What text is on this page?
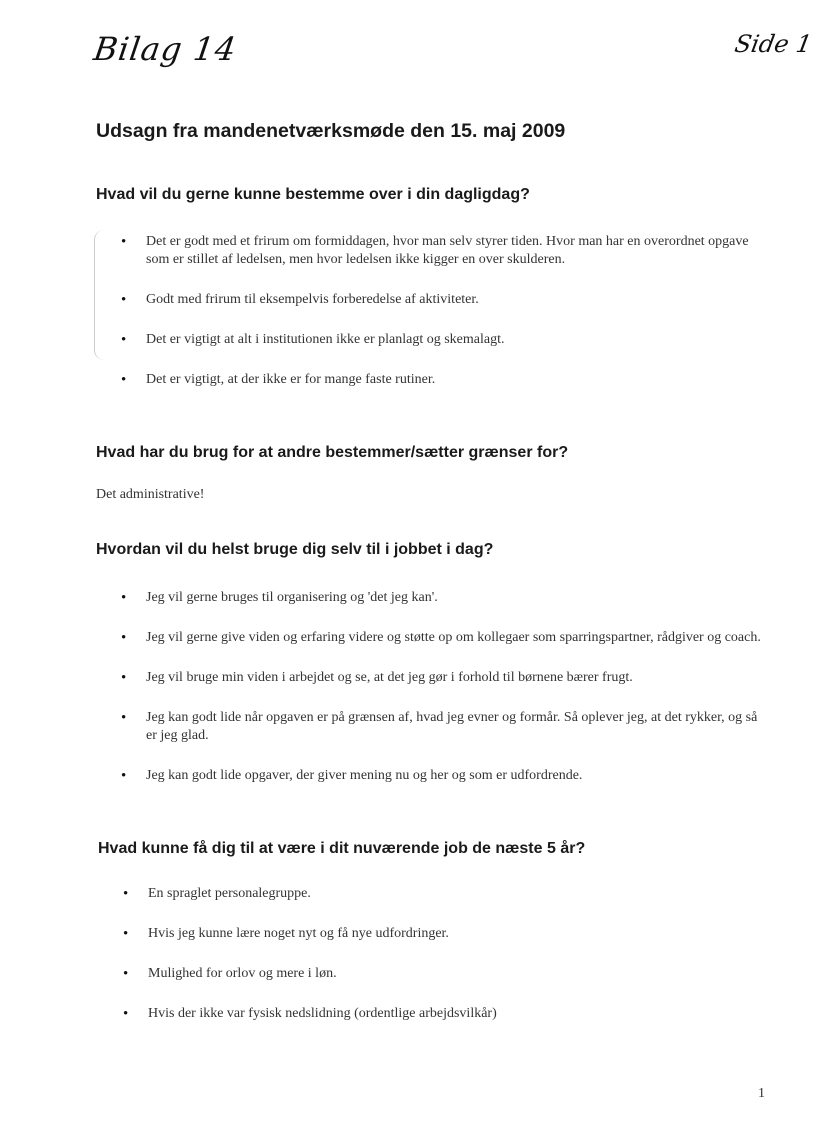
Bilag 14	Side 1
Udsagn fra mandenetværksmøde den 15. maj 2009
Hvad vil du gerne kunne bestemme over i din dagligdag?
• Det er godt med et frirum om formiddagen, hvor man selv styrer tiden. Hvor man har en overordnet opgave som er stillet af ledelsen, men hvor ledelsen ikke kigger en over skulderen.
• Godt med frirum til eksempelvis forberedelse af aktiviteter.
• Det er vigtigt at alt i institutionen ikke er planlagt og skemalagt.
• Det er vigtigt, at der ikke er for mange faste rutiner.
Hvad har du brug for at andre bestemmer/sætter grænser for?
Det administrative!
Hvordan vil du helst bruge dig selv til i jobbet i dag?
• Jeg vil gerne bruges til organisering og 'det jeg kan'.
• Jeg vil gerne give viden og erfaring videre og støtte op om kollegaer som sparringspartner, rådgiver og coach.
• Jeg vil bruge min viden i arbejdet og se, at det jeg gør i forhold til børnene bærer frugt.
• Jeg kan godt lide når opgaven er på grænsen af, hvad jeg evner og formår. Så oplever jeg, at det rykker, og så er jeg glad.
• Jeg kan godt lide opgaver, der giver mening nu og her og som er udfordrende.
Hvad kunne få dig til at være i dit nuværende job de næste 5 år?
• En spraglet personalegruppe.
• Hvis jeg kunne lære noget nyt og få nye udfordringer.
• Mulighed for orlov og mere i løn.
• Hvis der ikke var fysisk nedslidning (ordentlige arbejdsvilkår)
1
